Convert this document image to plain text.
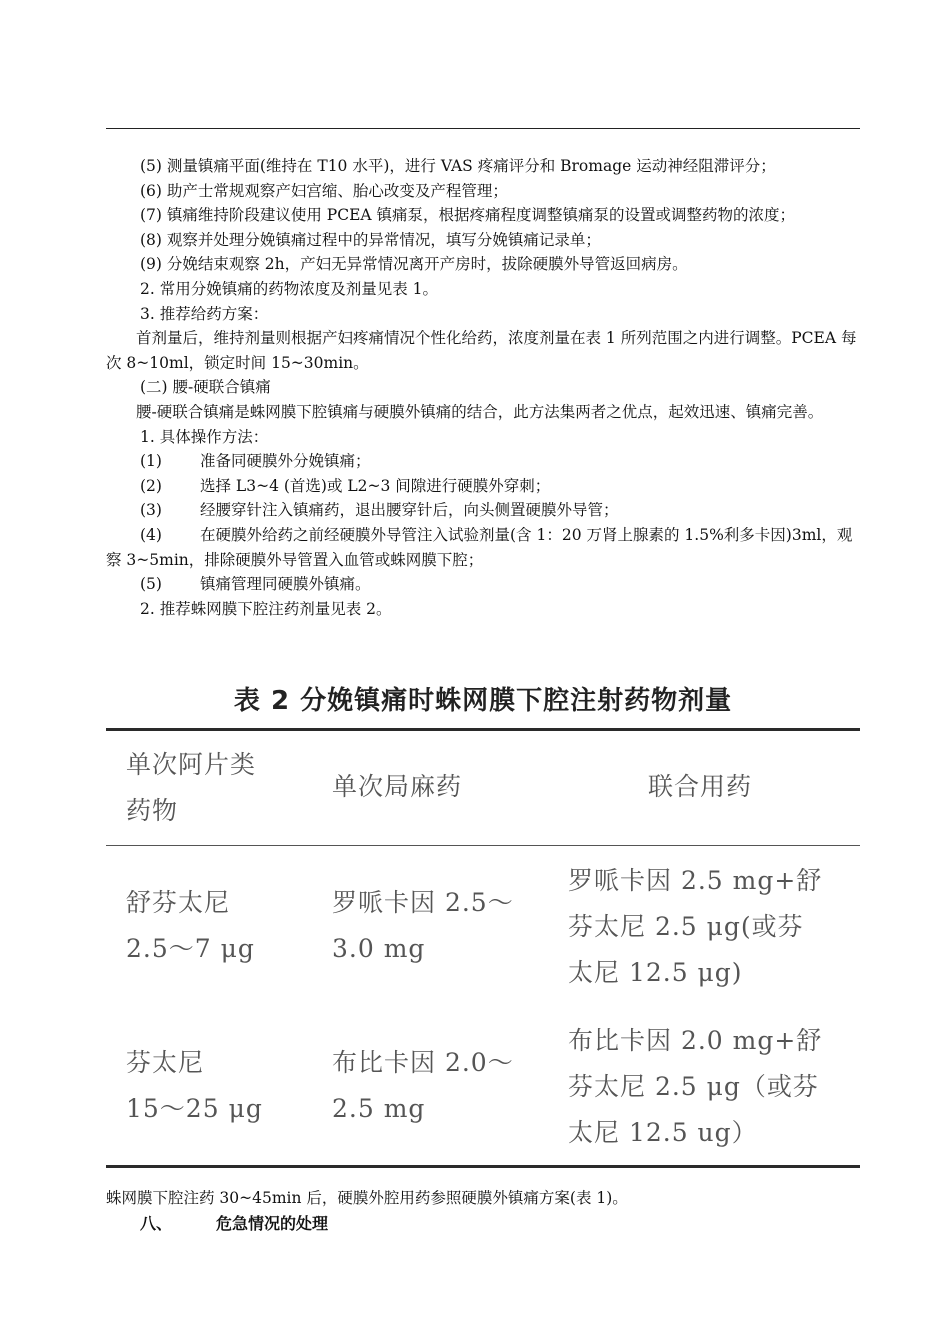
(5) 测量镇痛平面(维持在 T10 水平)，进行 VAS 疼痛评分和 Bromage 运动神经阻滞评分；

(6) 助产士常规观察产妇宫缩、胎心改变及产程管理；

(7) 镇痛维持阶段建议使用 PCEA 镇痛泵，根据疼痛程度调整镇痛泵的设置或调整药物的浓度；

(8) 观察并处理分娩镇痛过程中的异常情况，填写分娩镇痛记录单；

(9) 分娩结束观察 2h，产妇无异常情况离开产房时，拔除硬膜外导管返回病房。

2. 常用分娩镇痛的药物浓度及剂量见表 1。

3. 推荐给药方案：

首剂量后，维持剂量则根据产妇疼痛情况个性化给药，浓度剂量在表 1 所列范围之内进行调整。PCEA 每次 8~10ml，锁定时间 15~30min。

(二) 腰-硬联合镇痛

腰-硬联合镇痛是蛛网膜下腔镇痛与硬膜外镇痛的结合，此方法集两者之优点，起效迅速、镇痛完善。

1. 具体操作方法：

(1) 准备同硬膜外分娩镇痛；

(2) 选择 L3~4 (首选)或 L2~3 间隙进行硬膜外穿刺；

(3) 经腰穿针注入镇痛药，退出腰穿针后，向头侧置硬膜外导管；

(4) 在硬膜外给药之前经硬膜外导管注入试验剂量(含 1：20 万肾上腺素的 1.5%利多卡因)3ml，观察 3~5min，排除硬膜外导管置入血管或蛛网膜下腔；

(5) 镇痛管理同硬膜外镇痛。

2. 推荐蛛网膜下腔注药剂量见表 2。

表 2 分娩镇痛时蛛网膜下腔注射药物剂量
单次阿片类
药物
单次局麻药	联合用药
舒芬太尼
2.5～7 μg
罗哌卡因 2.5～
3.0 mg
罗哌卡因 2.5 mg+舒
芬太尼 2.5 μg(或芬
太尼 12.5 μg)
芬太尼
15～25 μg
布比卡因 2.0～
2.5 mg
布比卡因 2.0 mg+舒
芬太尼 2.5 μg（或芬
太尼 12.5 ug）
蛛网膜下腔注药 30~45min 后，硬膜外腔用药参照硬膜外镇痛方案(表 1)。
八、	危急情况的处理
